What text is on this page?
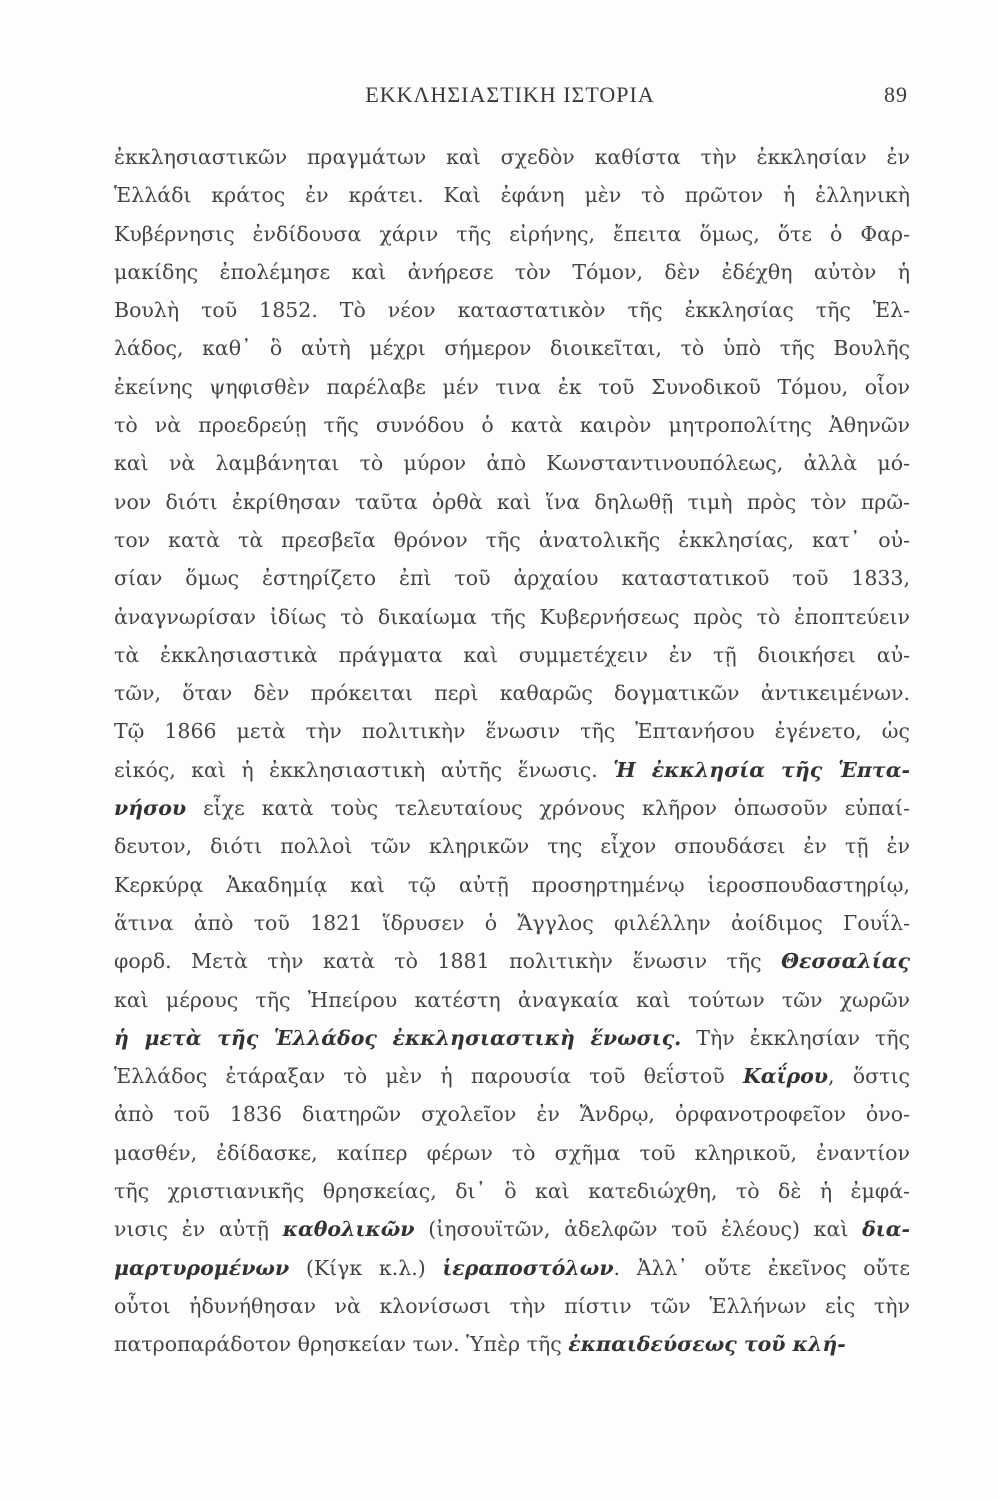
ΕΚΚΛΗΣΙΑΣΤΙΚΗ ΙΣΤΟΡΙΑ	89
ἐκκλησιαστικῶν πραγμάτων καὶ σχεδὸν καθίστα τὴν ἐκκλησίαν ἐν
Ἑλλάδι κράτος ἐν κράτει. Καὶ ἐφάνη μὲν τὸ πρῶτον ἡ ἑλληνικὴ
Κυβέρνησις ἐνδίδουσα χάριν τῆς εἰρήνης, ἔπειτα ὅμως, ὅτε ὁ Φαρ-
μακίδης ἐπολέμησε καὶ ἀνήρεσε τὸν Τόμον, δὲν ἐδέχθη αὐτὸν ἡ
Βουλὴ τοῦ 1852. Τὸ νέον καταστατικὸν τῆς ἐκκλησίας τῆς Ἑλ-
λάδος, καθ᾽ ὃ αὐτὴ μέχρι σήμερον διοικεῖται, τὸ ὑπὸ τῆς Βουλῆς
ἐκείνης ψηφισθὲν παρέλαβε μέν τινα ἐκ τοῦ Συνοδικοῦ Τόμου, οἷον
τὸ νὰ προεδρεύῃ τῆς συνόδου ὁ κατὰ καιρὸν μητροπολίτης Ἀθηνῶν
καὶ νὰ λαμβάνηται τὸ μύρον ἀπὸ Κωνσταντινουπόλεως, ἀλλὰ μό-
νον διότι ἐκρίθησαν ταῦτα ὀρθὰ καὶ ἵνα δηλωθῇ τιμὴ πρὸς τὸν πρῶ-
τον κατὰ τὰ πρεσβεῖα θρόνον τῆς ἀνατολικῆς ἐκκλησίας, κατ᾽ οὐ-
σίαν ὅμως ἐστηρίζετο ἐπὶ τοῦ ἀρχαίου καταστατικοῦ τοῦ 1833,
ἀναγνωρίσαν ἰδίως τὸ δικαίωμα τῆς Κυβερνήσεως πρὸς τὸ ἐποπτεύειν
τὰ ἐκκλησιαστικὰ πράγματα καὶ συμμετέχειν ἐν τῇ διοικήσει αὐ-
τῶν, ὅταν δὲν πρόκειται περὶ καθαρῶς δογματικῶν ἀντικειμένων.
Τῷ 1866 μετὰ τὴν πολιτικὴν ἕνωσιν τῆς Ἑπτανήσου ἐγένετο, ὡς
εἰκός, καὶ ἡ ἐκκλησιαστικὴ αὐτῆς ἕνωσις. Ἡ ἐκκλησία τῆς Ἑπτα-
νήσου εἶχε κατὰ τοὺς τελευταίους χρόνους κλῆρον ὁπωσοῦν εὐπαί-
δευτον, διότι πολλοὶ τῶν κληρικῶν της εἶχον σπουδάσει ἐν τῇ ἐν
Κερκύρᾳ Ἀκαδημίᾳ καὶ τῷ αὐτῇ προσηρτημένῳ ἱεροσπουδαστηρίῳ,
ἅτινα ἀπὸ τοῦ 1821 ἵδρυσεν ὁ Ἄγγλος φιλέλλην ἀοίδιμος Γουΐλ-
φορδ. Μετὰ τὴν κατὰ τὸ 1881 πολιτικὴν ἕνωσιν τῆς Θεσσαλίας
καὶ μέρους τῆς Ἠπείρου κατέστη ἀναγκαία καὶ τούτων τῶν χωρῶν
ἡ μετὰ τῆς Ἑλλάδος ἐκκλησιαστικὴ ἕνωσις. Τὴν ἐκκλησίαν τῆς
Ἑλλάδος ἐτάραξαν τὸ μὲν ἡ παρουσία τοῦ θεΐστοῦ Καΐρου, ὅστις
ἀπὸ τοῦ 1836 διατηρῶν σχολεῖον ἐν Ἄνδρῳ, ὀρφανοτροφεῖον ὀνο-
μασθέν, ἐδίδασκε, καίπερ φέρων τὸ σχῆμα τοῦ κληρικοῦ, ἐναντίον
τῆς χριστιανικῆς θρησκείας, δι᾽ ὃ καὶ κατεδιώχθη, τὸ δὲ ἡ ἐμφά-
νισις ἐν αὐτῇ καθολικῶν (ἰησουϊτῶν, ἀδελφῶν τοῦ ἐλέους) καὶ δια-
μαρτυρομένων (Κίγκ κ.λ.) ἱεραποστόλων. Ἀλλ᾽ οὔτε ἐκεῖνος οὔτε
οὗτοι ἠδυνήθησαν νὰ κλονίσωσι τὴν πίστιν τῶν Ἑλλήνων εἰς τὴν
πατροπαράδοτον θρησκείαν των. Ὑπὲρ τῆς ἐκπαιδεύσεως τοῦ κλή-
